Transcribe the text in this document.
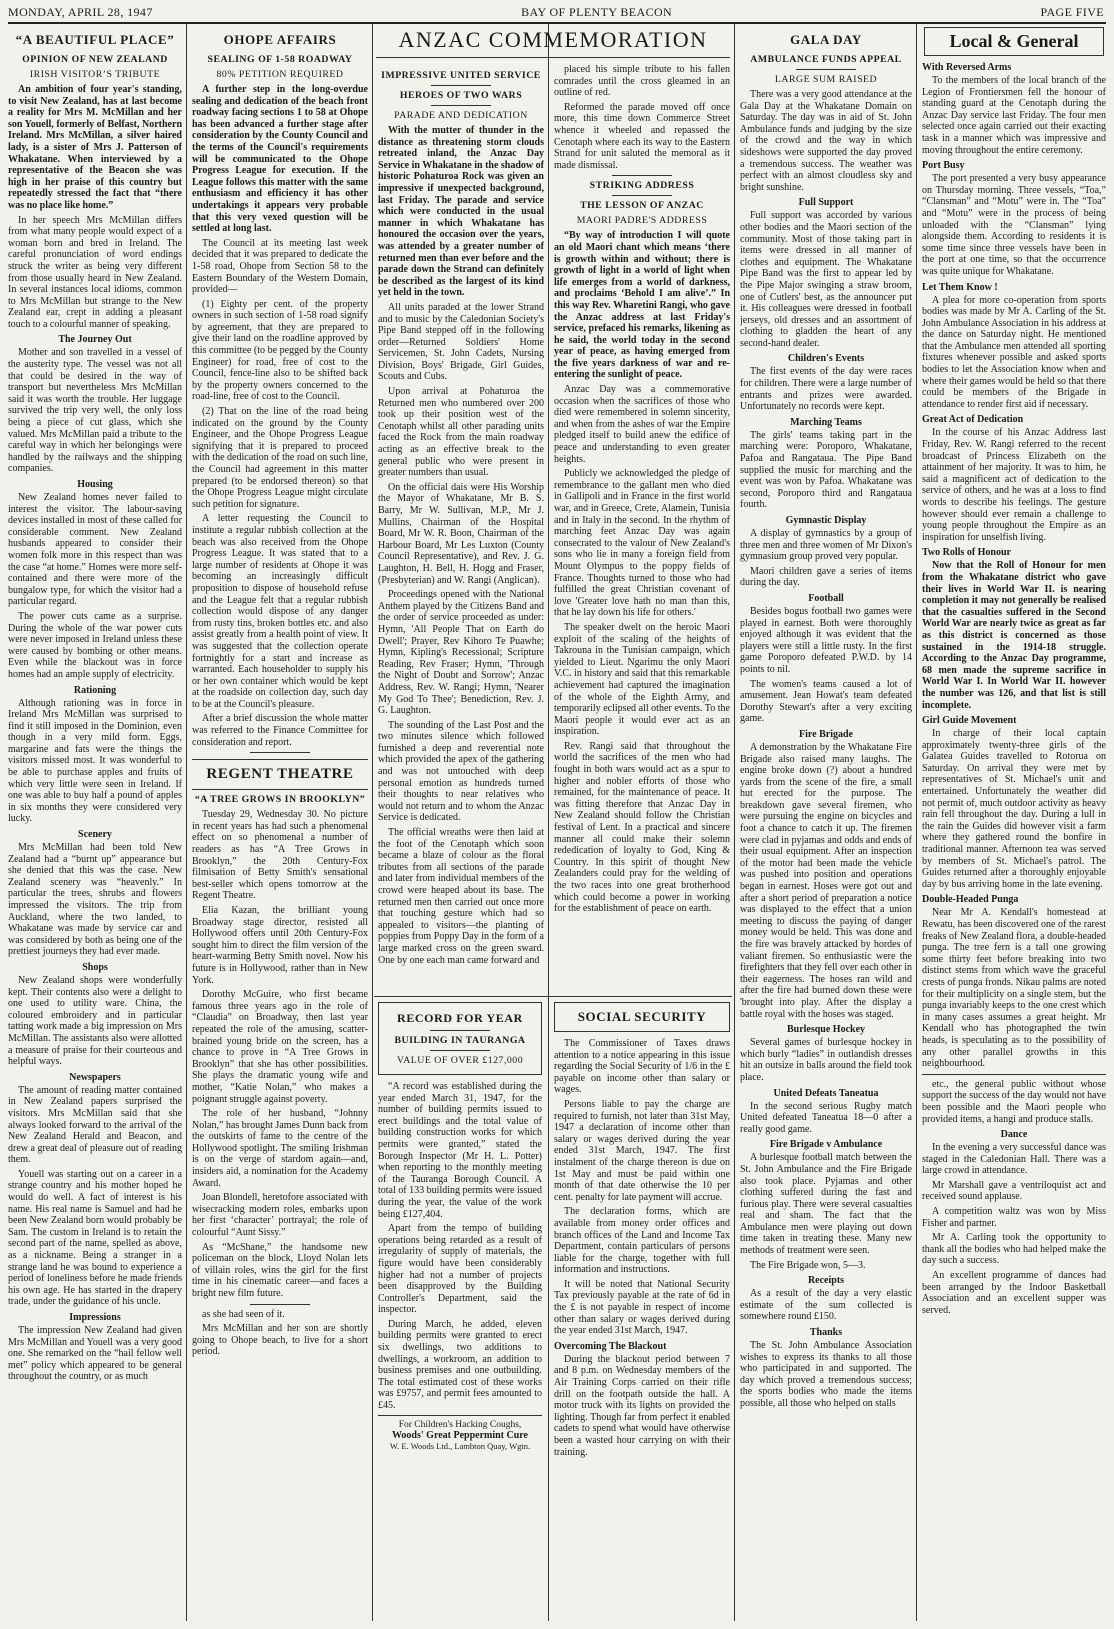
MONDAY, APRIL 28, 1947	BAY OF PLENTY BEACON	PAGE FIVE
“A BEAUTIFUL PLACE”
OPINION OF NEW ZEALAND
IRISH VISITOR’S TRIBUTE

An ambition of four year's standing, to visit New Zealand, has at last become a reality for Mrs M. McMillan and her son Youell, formerly of Belfast, Northern Ireland. Mrs McMillan, a silver haired lady, is a sister of Mrs J. Patterson of Whakatane. When interviewed by a representative of the Beacon she was high in her praise of this country but repeatedly stressed the fact that “there was no place like home.”

In her speech Mrs McMillan differs from what many people would expect of a woman born and bred in Ireland. The careful pronunciation of word endings struck the writer as being very different from those usually heard in New Zealand. In several instances local idioms, common to Mrs McMillan but strange to the New Zealand ear, crept in adding a pleasant touch to a colourful manner of speaking.

The Journey Out

Mother and son travelled in a vessel of the austerity type. The vessel was not all that could be desired in the way of transport but nevertheless Mrs McMillan said it was worth the trouble. Her luggage survived the trip very well, the only loss being a piece of cut glass, which she valued. Mrs McMillan paid a tribute to the careful way in which her belongings were handled by the railways and the shipping companies.

Housing

New Zealand homes never failed to interest the visitor. The labour-saving devices installed in most of these called for considerable comment. New Zealand husbands appeared to consider their women folk more in this respect than was the case “at home.” Homes were more self-contained and there were more of the bungalow type, for which the visitor had a particular regard.

The power cuts came as a surprise. During the whole of the war power cuts were never imposed in Ireland unless these were caused by bombing or other means. Even while the blackout was in force homes had an ample supply of electricity.

Rationing

Although rationing was in force in Ireland Mrs McMillan was surprised to find it still imposed in the Dominion, even though in a very mild form. Eggs, margarine and fats were the things the visitors missed most. It was wonderful to be able to purchase apples and fruits of which very little were seen in Ireland. If one was able to buy half a pound of apples in six months they were considered very lucky.

Scenery

Mrs McMillan had been told New Zealand had a “burnt up” appearance but she denied that this was the case. New Zealand scenery was “heavenly.” In particular the trees, shrubs and flowers impressed the visitors. The trip from Auckland, where the two landed, to Whakatane was made by service car and was considered by both as being one of the prettiest journeys they had ever made.

Shops

New Zealand shops were wonderfully kept. Their contents also were a delight to one used to utility ware. China, the coloured embroidery and in particular tatting work made a big impression on Mrs McMillan. The assistants also were allotted a measure of praise for their courteous and helpful ways.

Newspapers

The amount of reading matter contained in New Zealand papers surprised the visitors. Mrs McMillan said that she always looked forward to the arrival of the New Zealand Herald and Beacon, and drew a great deal of pleasure out of reading them.

Youell was starting out on a career in a strange country and his mother hoped he would do well. A fact of interest is his name. His real name is Samuel and had he been New Zealand born would probably be Sam. The custom in Ireland is to retain the second part of the name, spelled as above, as a nickname. Being a stranger in a strange land he was bound to experience a period of loneliness before he made friends his own age. He has started in the drapery trade, under the guidance of his uncle.

Impressions

The impression New Zealand had given Mrs McMillan and Youell was a very good one. She remarked on the “hail fellow well met” policy which appeared to be general throughout the country, or as much

OHOPE AFFAIRS
SEALING OF 1-58 ROADWAY
80% PETITION REQUIRED

A further step in the long-overdue sealing and dedication of the beach front roadway facing sections 1 to 58 at Ohope has been advanced a further stage after consideration by the County Council and the terms of the Council's requirements will be communicated to the Ohope Progress League for execution. If the League follows this matter with the same enthusiasm and efficiency it has other undertakings it appears very probable that this very vexed question will be settled at long last.

The Council at its meeting last week decided that it was prepared to dedicate the 1-58 road, Ohope from Section 58 to the Eastern Boundary of the Western Domain, provided—

(1) Eighty per cent. of the property owners in such section of 1-58 road signify by agreement, that they are prepared to give their land on the roadline approved by this committee (to be pegged by the County Engineer) for road, free of cost to the Council, fence-line also to be shifted back by the property owners concerned to the road-line, free of cost to the Council.

(2) That on the line of the road being indicated on the ground by the County Engineer, and the Ohope Progress League signifying that it is prepared to proceed with the dedication of the road on such line, the Council had agreement in this matter prepared (to be endorsed thereon) so that the Ohope Progress League might circulate such petition for signature.

A letter requesting the Council to institute a regular rubbish collection at the beach was also received from the Ohope Progress League. It was stated that to a large number of residents at Ohope it was becoming an increasingly difficult proposition to dispose of household refuse and the League felt that a regular rubbish collection would dispose of any danger from rusty tins, broken bottles etc. and also assist greatly from a health point of view. It was suggested that the collection operate fortnightly for a start and increase as warranted. Each householder to supply his or her own container which would be kept at the roadside on collection day, such day to be at the Council's pleasure.

After a brief discussion the whole matter was referred to the Finance Committee for consideration and report.

REGENT THEATRE
“A TREE GROWS IN BROOKLYN”

Tuesday 29, Wednesday 30. No picture in recent years has had such a phenomenal effect on so phenomenal a number of readers as has “A Tree Grows in Brooklyn,” the 20th Century-Fox filmisation of Betty Smith's sensational best-seller which opens tomorrow at the Regent Theatre.

Elia Kazan, the brilliant young Broadway stage director, resisted all Hollywood offers until 20th Century-Fox sought him to direct the film version of the heart-warming Betty Smith novel. Now his future is in Hollywood, rather than in New York.

Dorothy McGuire, who first became famous three years ago in the role of “Claudia” on Broadway, then last year repeated the role of the amusing, scatter-brained young bride on the screen, has a chance to prove in “A Tree Grows in Brooklyn” that she has other possibilities. She plays the dramatic young wife and mother, “Katie Nolan,” who makes a poignant struggle against poverty.

The role of her husband, “Johnny Nolan,” has brought James Dunn back from the outskirts of fame to the centre of the Hollywood spotlight. The smiling Irishman is on the verge of stardom again—and, insiders aid, a nomination for the Academy Award.

Joan Blondell, heretofore associated with wisecracking modern roles, embarks upon her first ‘character’ portrayal; the role of colourful “Aunt Sissy.”

As “McShane,” the handsome new policeman on the block, Lloyd Nolan lets of villain roles, wins the girl for the first time in his cinematic career—and faces a bright new film future.

as she had seen of it.

Mrs McMillan and her son are shortly going to Ohope beach, to live for a short period.

ANZAC COMMEMORATION
IMPRESSIVE UNITED SERVICE
HEROES OF TWO WARS
PARADE AND DEDICATION

With the mutter of thunder in the distance as threatening storm clouds retreated inland, the Anzac Day Service in Whakatane in the shadow of historic Pohaturoa Rock was given an impressive if unexpected background, last Friday. The parade and service which were conducted in the usual manner in which Whakatane has honoured the occasion over the years, was attended by a greater number of returned men than ever before and the parade down the Strand can definitely be described as the largest of its kind yet held in the town.

All units paraded at the lower Strand and to music by the Caledonian Society's Pipe Band stepped off in the following order—Returned Soldiers' Home Servicemen, St. John Cadets, Nursing Division, Boys' Brigade, Girl Guides, Scouts and Cubs.

Upon arrival at Pohaturoa the Returned men who numbered over 200 took up their position west of the Cenotaph whilst all other parading units faced the Rock from the main roadway acting as an effective break to the general public who were present in greater numbers than usual.

On the official dais were His Worship the Mayor of Whakatane, Mr B. S. Barry, Mr W. Sullivan, M.P., Mr J. Mullins, Chairman of the Hospital Board, Mr W. R. Boon, Chairman of the Harbour Board, Mr Les Luxton (County Council Representative), and Rev. J. G. Laughton, H. Bell, H. Hogg and Fraser, (Presbyterian) and W. Rangi (Anglican).

Proceedings opened with the National Anthem played by the Citizens Band and the order of service proceeded as under: Hymn, 'All People That on Earth do Dwell'; Prayer, Rev Kihoro Te Puawhe; Hymn, Kipling's Recessional; Scripture Reading, Rev Fraser; Hymn, 'Through the Night of Doubt and Sorrow'; Anzac Address, Rev. W. Rangi; Hymn, 'Nearer My God To Thee'; Benediction, Rev. J. G. Laughton.

The sounding of the Last Post and the two minutes silence which followed furnished a deep and reverential note which provided the apex of the gathering and was not untouched with deep personal emotion as hundreds turned their thoughts to near relatives who would not return and to whom the Anzac Service is dedicated.

The official wreaths were then laid at the foot of the Cenotaph which soon became a blaze of colour as the floral tributes from all sections of the parade and later from individual members of the crowd were heaped about its base. The returned men then carried out once more that touching gesture which had so appealed to visitors—the planting of poppies from Poppy Day in the form of a large marked cross on the green sward. One by one each man came forward and

placed his simple tribute to his fallen comrades until the cross gleamed in an outline of red.

Reformed the parade moved off once more, this time down Commerce Street whence it wheeled and repassed the Cenotaph where each its way to the Eastern Strand for unit saluted the memoral as it made dismissal.

STRIKING ADDRESS
THE LESSON OF ANZAC
MAORI PADRE'S ADDRESS

“By way of introduction I will quote an old Maori chant which means ‘there is growth within and without; there is growth of light in a world of light when life emerges from a world of darkness, and proclaims ‘Behold I am alive’.” In this way Rev. Wharetini Rangi, who gave the Anzac address at last Friday's service, prefaced his remarks, likening as he said, the world today in the second year of peace, as having emerged from the five years darkness of war and re-entering the sunlight of peace.

Anzac Day was a commemorative occasion when the sacrifices of those who died were remembered in solemn sincerity, and when from the ashes of war the Empire pledged itself to build anew the edifice of peace and understanding to even greater heights.

Publicly we acknowledged the pledge of remembrance to the gallant men who died in Gallipoli and in France in the first world war, and in Greece, Crete, Alamein, Tunisia and in Italy in the second. In the rhythm of marching feet Anzac Day was again consecrated to the valour of New Zealand's sons who lie in many a foreign field from Mount Olympus to the poppy fields of France. Thoughts turned to those who had fulfilled the great Christian covenant of love 'Greater love hath no man than this, that he lay down his life for others.'

The speaker dwelt on the heroic Maori exploit of the scaling of the heights of Takrouna in the Tunisian campaign, which yielded to Lieut. Ngarimu the only Maori V.C. in history and said that this remarkable achievement had captured the imagination of the whole of the Eighth Army, and temporarily eclipsed all other events. To the Maori people it would ever act as an inspiration.

Rev. Rangi said that throughout the world the sacrifices of the men who had fought in both wars would act as a spur to higher and nobler efforts of those who remained, for the maintenance of peace. It was fitting therefore that Anzac Day in New Zealand should follow the Christian festival of Lent. In a practical and sincere manner all could make their solemn rededication of loyalty to God, King & Country. In this spirit of thought New Zealanders could pray for the welding of the two races into one great brotherhood which could become a power in working for the establishment of peace on earth.

RECORD FOR YEAR
BUILDING IN TAURANGA
VALUE OF OVER £127,000

“A record was established during the year ended March 31, 1947, for the number of building permits issued to erect buildings and the total value of building construction works for which permits were granted,” stated the Borough Inspector (Mr H. L. Potter) when reporting to the monthly meeting of the Tauranga Borough Council. A total of 133 building permits were issued during the year, the value of the work being £127,404.

Apart from the tempo of building operations being retarded as a result of irregularity of supply of materials, the figure would have been considerably higher had not a number of projects been disapproved by the Building Controller's Department, said the inspector.

During March, he added, eleven building permits were granted to erect six dwellings, two additions to dwellings, a workroom, an addition to business premises and one outbuilding. The total estimated cost of these works was £9757, and permit fees amounted to £45.

For Children's Hacking Coughs,
Woods' Great Peppermint Cure
W. E. Woods Ltd., Lambton Quay, Wgtn.
SOCIAL SECURITY

The Commissioner of Taxes draws attention to a notice appearing in this issue regarding the Social Security of 1/6 in the £ payable on income other than salary or wages.

Persons liable to pay the charge are required to furnish, not later than 31st May, 1947 a declaration of income other than salary or wages derived during the year ended 31st March, 1947. The first instalment of the charge thereon is due on 1st May and must be paid within one month of that date otherwise the 10 per cent. penalty for late payment will accrue.

The declaration forms, which are available from money order offices and branch offices of the Land and Income Tax Department, contain particulars of persons liable for the charge, together with full information and instructions.

It will be noted that National Security Tax previously payable at the rate of 6d in the £ is not payable in respect of income other than salary or wages derived during the year ended 31st March, 1947.

Overcoming The Blackout

During the blackout period between 7 and 8 p.m. on Wednesday members of the Air Training Corps carried on their rifle drill on the footpath outside the hall. A motor truck with its lights on provided the lighting. Though far from perfect it enabled cadets to spend what would have otherwise been a wasted hour carrying on with their training.

GALA DAY
AMBULANCE FUNDS APPEAL
LARGE SUM RAISED

There was a very good attendance at the Gala Day at the Whakatane Domain on Saturday. The day was in aid of St. John Ambulance funds and judging by the size of the crowd and the way in which sideshows were supported the day proved a tremendous success. The weather was perfect with an almost cloudless sky and bright sunshine.

Full Support

Full support was accorded by various other bodies and the Maori section of the community. Most of those taking part in items were dressed in all manner of clothes and equipment. The Whakatane Pipe Band was the first to appear led by the Pipe Major swinging a straw broom, one of Cutlers' best, as the announcer put it. His colleagues were dressed in football jerseys, old dresses and an assortment of clothing to gladden the heart of any second-hand dealer.

Children's Events

The first events of the day were races for children. There were a large number of entrants and prizes were awarded. Unfortunately no records were kept.

Marching Teams

The girls' teams taking part in the marching were: Poroporo, Whakatane, Pafoa and Rangataua. The Pipe Band supplied the music for marching and the event was won by Pafoa. Whakatane was second, Poroporo third and Rangataua fourth.

Gymnastic Display

A display of gymnastics by a group of three men and three women of Mr Dixon's gymnasium group proved very popular.

Maori children gave a series of items during the day.

Football

Besides bogus football two games were played in earnest. Both were thoroughly enjoyed although it was evident that the players were still a little rusty. In the first game Poroporo defeated P.W.D. by 14 points to nil.

The women's teams caused a lot of amusement. Jean Howat's team defeated Dorothy Stewart's after a very exciting game.

Fire Brigade

A demonstration by the Whakatane Fire Brigade also raised many laughs. The engine broke down (?) about a hundred yards from the scene of the fire, a small hut erected for the purpose. The breakdown gave several firemen, who were pursuing the engine on bicycles and foot a chance to catch it up. The firemen were clad in pyjamas and odds and ends of their usual equipment. After an inspection of the motor had been made the vehicle was pushed into position and operations began in earnest. Hoses were got out and after a short period of preparation a notice was displayed to the effect that a union meeting to discuss the paying of danger money would be held. This was done and the fire was bravely attacked by hordes of valiant firemen. So enthusiastic were the firefighters that they fell over each other in their eagerness. The hoses ran wild and after the fire had burned down these were 'brought into play. After the display a battle royal with the hoses was staged.

Burlesque Hockey

Several games of burlesque hockey in which burly “ladies” in outlandish dresses hit an outsize in balls around the field took place.

United Defeats Taneatua

In the second serious Rugby match United defeated Taneatua 18—0 after a really good game.

Fire Brigade v Ambulance

A burlesque football match between the St. John Ambulance and the Fire Brigade also took place. Pyjamas and other clothing suffered during the fast and furious play. There were several casualties real and sham. The fact that the Ambulance men were playing out down time taken in treating these. Many new methods of treatment were seen.

The Fire Brigade won, 5—3.

Receipts

As a result of the day a very elastic estimate of the sum collected is somewhere round £150.

Thanks

The St. John Ambulance Association wishes to express its thanks to all those who participated in and supported. The day which proved a tremendous success; the sports bodies who made the items possible, all those who helped on stalls

Local & General
With Reversed Arms

To the members of the local branch of the Legion of Frontiersmen fell the honour of standing guard at the Cenotaph during the Anzac Day service last Friday. The four men selected once again carried out their exacting task in a manner which was impressive and moving throughout the entire ceremony.

Port Busy

The port presented a very busy appearance on Thursday morning. Three vessels, “Toa,” “Clansman” and “Motu” were in. The “Toa” and “Motu” were in the process of being unloaded with the “Clansman” lying alongside them. According to residents it is some time since three vessels have been in the port at one time, so that the occurrence was quite unique for Whakatane.

Let Them Know !

A plea for more co-operation from sports bodies was made by Mr A. Carling of the St. John Ambulance Association in his address at the dance on Saturday night. He mentioned that the Ambulance men attended all sporting fixtures whenever possible and asked sports bodies to let the Association know when and where their games would be held so that there could be members of the Brigade in attendance to render first aid if necessary.

Great Act of Dedication

In the course of his Anzac Address last Friday, Rev. W. Rangi referred to the recent broadcast of Princess Elizabeth on the attainment of her majority. It was to him, he said a magnificent act of dedication to the service of others, and he was at a loss to find words to describe his feelings. The gesture however should ever remain a challenge to young people throughout the Empire as an inspiration for unselfish living.

Two Rolls of Honour

Now that the Roll of Honour for men from the Whakatane district who gave their lives in World War II. is nearing completion it may not generally be realised that the casualties suffered in the Second World War are nearly twice as great as far as this district is concerned as those sustained in the 1914-18 struggle. According to the Anzac Day programme, 68 men made the supreme sacrifice in World War I. In World War II. however the number was 126, and that list is still incomplete.

Girl Guide Movement

In charge of their local captain approximately twenty-three girls of the Galatea Guides travelled to Rotorua on Saturday. On arrival they were met by representatives of St. Michael's unit and entertained. Unfortunately the weather did not permit of, much outdoor activity as heavy rain fell throughout the day. During a lull in the rain the Guides did however visit a farm where they gathered round the bonfire in traditional manner. Afternoon tea was served by members of St. Michael's patrol. The Guides returned after a thoroughly enjoyable day by bus arriving home in the late evening.

Double-Headed Punga

Near Mr A. Kendall's homestead at Rewatu, has been discovered one of the rarest freaks of New Zealand flora, a double-headed punga. The tree fern is a tall one growing some thirty feet before breaking into two distinct stems from which wave the graceful crests of punga fronds. Nikau palms are noted for their multiplicity on a single stem, but the punga invariably keeps to the one crest which in many cases assumes a great height. Mr Kendall who has photographed the twin heads, is speculating as to the possibility of any other parallel growths in this neighbourhood.

etc., the general public without whose support the success of the day would not have been possible and the Maori people who provided items, a hangi and produce stalls.

Dance

In the evening a very successful dance was staged in the Caledonian Hall. There was a large crowd in attendance.

Mr Marshall gave a ventriloquist act and received sound applause.

A competition waltz was won by Miss Fisher and partner.

Mr A. Carling took the opportunity to thank all the bodies who had helped make the day such a success.

An excellent programme of dances had been arranged by the Indoor Basketball Association and an excellent supper was served.
